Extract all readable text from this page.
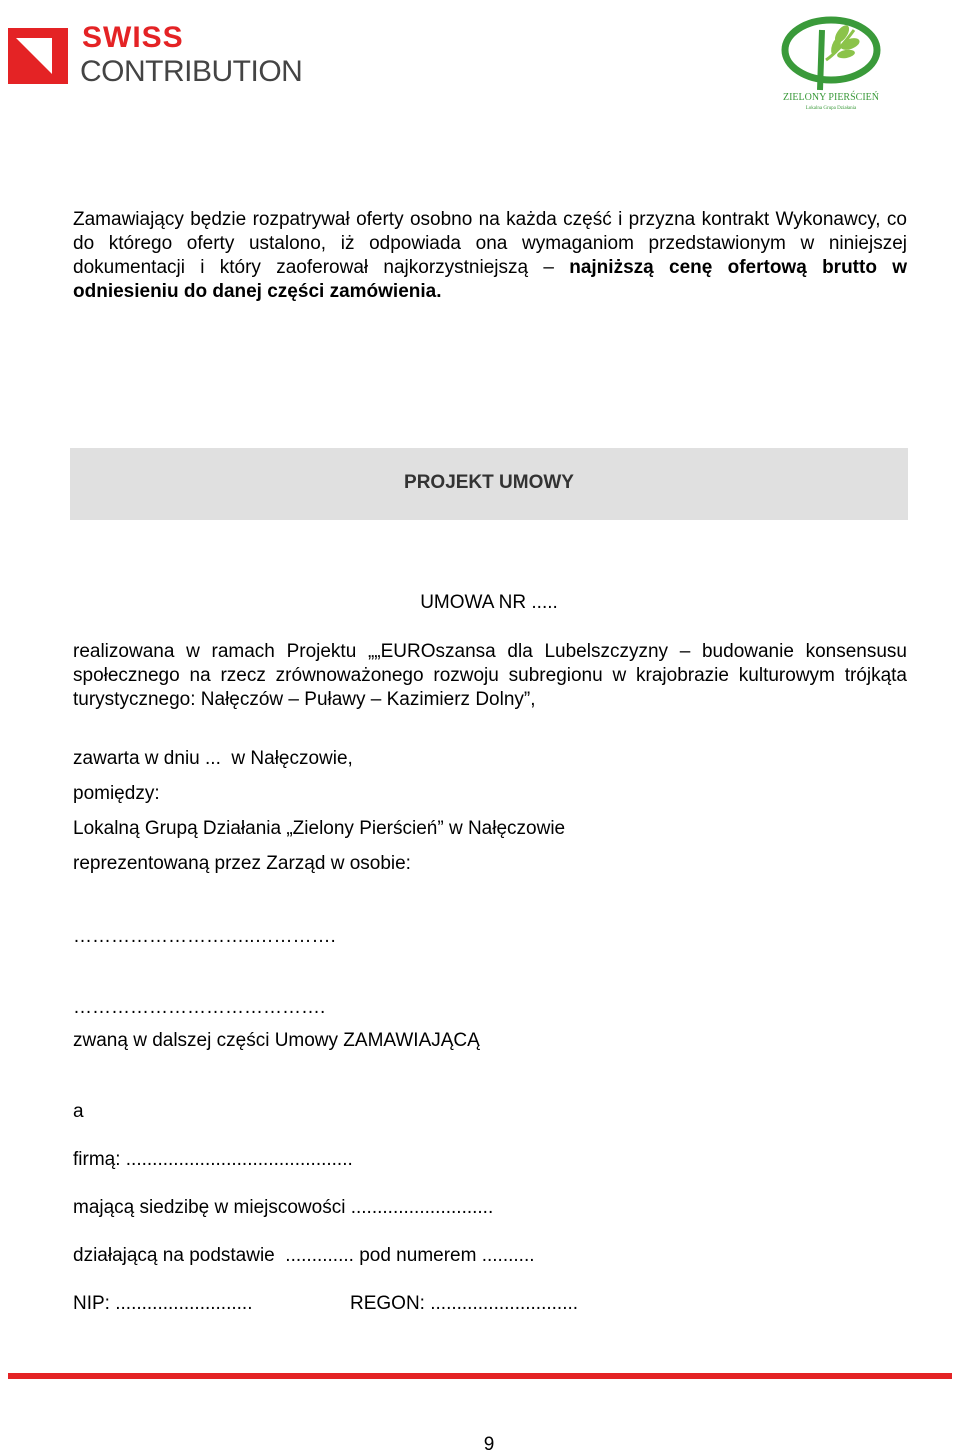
SWISS
CONTRIBUTION
ZIELONY PIERŚCIEŃ
Lokalna Grupa Działania
Zamawiający będzie rozpatrywał oferty osobno na każda część i przyzna kontrakt Wykonawcy, co do którego oferty ustalono, iż odpowiada ona wymaganiom przedstawionym w niniejszej dokumentacji i który zaoferował najkorzystniejszą – najniższą cenę ofertową brutto w odniesieniu do danej części zamówienia.
PROJEKT UMOWY
UMOWA NR .....
realizowana w ramach Projektu „„EUROszansa dla Lubelszczyzny – budowanie konsensusu społecznego na rzecz zrównoważonego rozwoju subregionu w krajobrazie kulturowym trójkąta turystycznego: Nałęczów – Puławy – Kazimierz Dolny”,
zawarta w dniu ...  w Nałęczowie,
pomiędzy:
Lokalną Grupą Działania „Zielony Pierścień” w Nałęczowie
reprezentowaną przez Zarząd w osobie:
………………………..………….
………………………………….
zwaną w dalszej części Umowy ZAMAWIAJĄCĄ
a
firmą: ...........................................
mającą siedzibę w miejscowości ...........................
działającą na podstawie  ............. pod numerem ..........
NIP: ..........................	REGON: ............................
9
